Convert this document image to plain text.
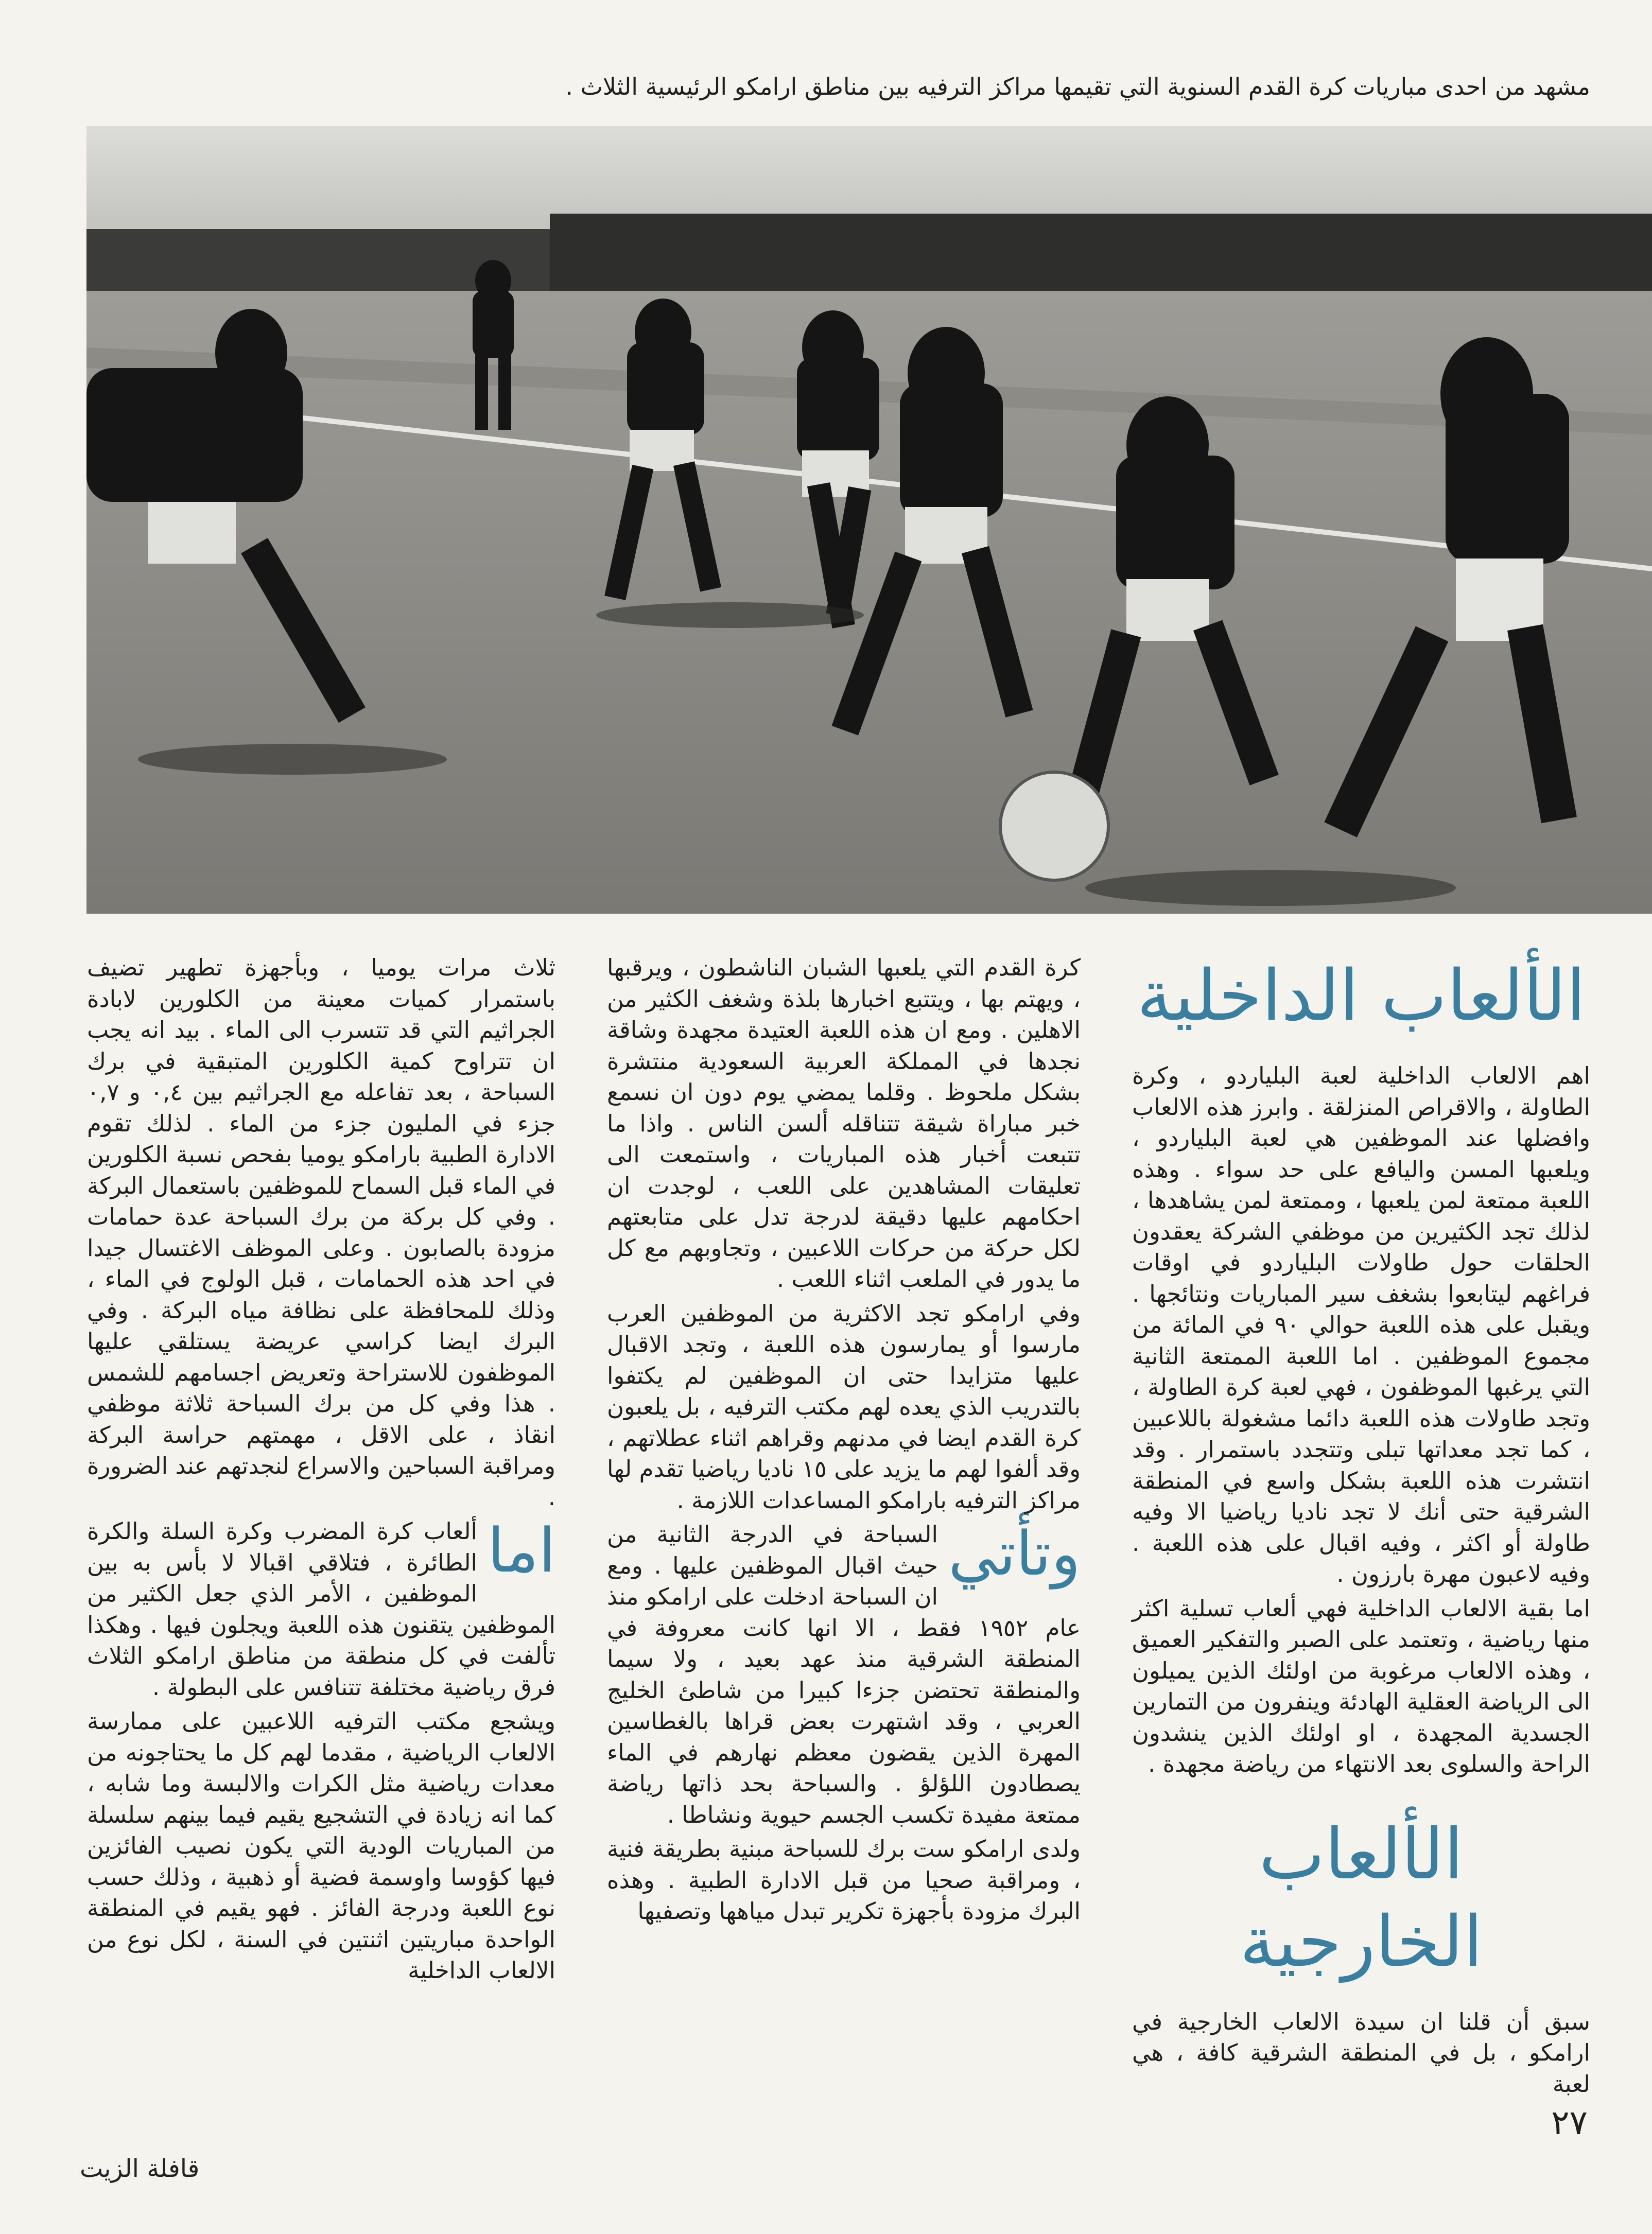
مشهد من احدى مباريات كرة القدم السنوية التي تقيمها مراكز الترفيه بين مناطق ارامكو الرئيسية الثلاث .
الألعاب الداخلية

اهم الالعاب الداخلية لعبة البلياردو ، وكرة الطاولة ، والاقراص المنزلقة . وابرز هذه الالعاب وافضلها عند الموظفين هي لعبة البلياردو ، ويلعبها المسن واليافع على حد سواء . وهذه اللعبة ممتعة لمن يلعبها ، وممتعة لمن يشاهدها ، لذلك تجد الكثيرين من موظفي الشركة يعقدون الحلقات حول طاولات البلياردو في اوقات فراغهم ليتابعوا بشغف سير المباريات ونتائجها . ويقبل على هذه اللعبة حوالي ٩٠ في المائة من مجموع الموظفين . اما اللعبة الممتعة الثانية التي يرغبها الموظفون ، فهي لعبة كرة الطاولة ، وتجد طاولات هذه اللعبة دائما مشغولة باللاعبين ، كما تجد معداتها تبلى وتتجدد باستمرار . وقد انتشرت هذه اللعبة بشكل واسع في المنطقة الشرقية حتى أنك لا تجد ناديا رياضيا الا وفيه طاولة أو اكثر ، وفيه اقبال على هذه اللعبة . وفيه لاعبون مهرة بارزون .

اما بقية الالعاب الداخلية فهي ألعاب تسلية اكثر منها رياضية ، وتعتمد على الصبر والتفكير العميق ، وهذه الالعاب مرغوبة من اولئك الذين يميلون الى الرياضة العقلية الهادئة وينفرون من التمارين الجسدية المجهدة ، او اولئك الذين ينشدون الراحة والسلوى بعد الانتهاء من رياضة مجهدة .

الألعاب الخارجية

سبق أن قلنا ان سيدة الالعاب الخارجية في ارامكو ، بل في المنطقة الشرقية كافة ، هي لعبة

كرة القدم التي يلعبها الشبان الناشطون ، ويرقبها ، ويهتم بها ، ويتتبع اخبارها بلذة وشغف الكثير من الاهلين . ومع ان هذه اللعبة العتيدة مجهدة وشاقة نجدها في المملكة العربية السعودية منتشرة بشكل ملحوظ . وقلما يمضي يوم دون ان نسمع خبر مباراة شيقة تتناقله ألسن الناس . واذا ما تتبعت أخبار هذه المباريات ، واستمعت الى تعليقات المشاهدين على اللعب ، لوجدت ان احكامهم عليها دقيقة لدرجة تدل على متابعتهم لكل حركة من حركات اللاعبين ، وتجاوبهم مع كل ما يدور في الملعب اثناء اللعب .

وفي ارامكو تجد الاكثرية من الموظفين العرب مارسوا أو يمارسون هذه اللعبة ، وتجد الاقبال عليها متزايدا حتى ان الموظفين لم يكتفوا بالتدريب الذي يعده لهم مكتب الترفيه ، بل يلعبون كرة القدم ايضا في مدنهم وقراهم اثناء عطلاتهم ، وقد ألفوا لهم ما يزيد على ١٥ ناديا رياضيا تقدم لها مراكز الترفيه بارامكو المساعدات اللازمة .

وتأتي
السباحة في الدرجة الثانية من حيث اقبال الموظفين عليها . ومع ان السباحة ادخلت على ارامكو منذ عام ١٩٥٢ فقط ، الا انها كانت معروفة في المنطقة الشرقية منذ عهد بعيد ، ولا سيما والمنطقة تحتضن جزءا كبيرا من شاطئ الخليج العربي ، وقد اشتهرت بعض قراها بالغطاسين المهرة الذين يقضون معظم نهارهم في الماء يصطادون اللؤلؤ . والسباحة بحد ذاتها رياضة ممتعة مفيدة تكسب الجسم حيوية ونشاطا .

ولدى ارامكو ست برك للسباحة مبنية بطريقة فنية ، ومراقبة صحيا من قبل الادارة الطبية . وهذه البرك مزودة بأجهزة تكرير تبدل مياهها وتصفيها

ثلاث مرات يوميا ، وبأجهزة تطهير تضيف باستمرار كميات معينة من الكلورين لابادة الجراثيم التي قد تتسرب الى الماء . بيد انه يجب ان تتراوح كمية الكلورين المتبقية في برك السباحة ، بعد تفاعله مع الجراثيم بين ٠,٤ و ٠,٧ جزء في المليون جزء من الماء . لذلك تقوم الادارة الطبية بارامكو يوميا بفحص نسبة الكلورين في الماء قبل السماح للموظفين باستعمال البركة . وفي كل بركة من برك السباحة عدة حمامات مزودة بالصابون . وعلى الموظف الاغتسال جيدا في احد هذه الحمامات ، قبل الولوج في الماء ، وذلك للمحافظة على نظافة مياه البركة . وفي البرك ايضا كراسي عريضة يستلقي عليها الموظفون للاستراحة وتعريض اجسامهم للشمس . هذا وفي كل من برك السباحة ثلاثة موظفي انقاذ ، على الاقل ، مهمتهم حراسة البركة ومراقبة السباحين والاسراع لنجدتهم عند الضرورة .

اما
ألعاب كرة المضرب وكرة السلة والكرة الطائرة ، فتلاقي اقبالا لا بأس به بين الموظفين ، الأمر الذي جعل الكثير من الموظفين يتقنون هذه اللعبة ويجلون فيها . وهكذا تألفت في كل منطقة من مناطق ارامكو الثلاث فرق رياضية مختلفة تتنافس على البطولة .

ويشجع مكتب الترفيه اللاعبين على ممارسة الالعاب الرياضية ، مقدما لهم كل ما يحتاجونه من معدات رياضية مثل الكرات والالبسة وما شابه ، كما انه زيادة في التشجيع يقيم فيما بينهم سلسلة من المباريات الودية التي يكون نصيب الفائزين فيها كؤوسا واوسمة فضية أو ذهبية ، وذلك حسب نوع اللعبة ودرجة الفائز . فهو يقيم في المنطقة الواحدة مباريتين اثنتين في السنة ، لكل نوع من الالعاب الداخلية

٢٧
قافلة الزيت
